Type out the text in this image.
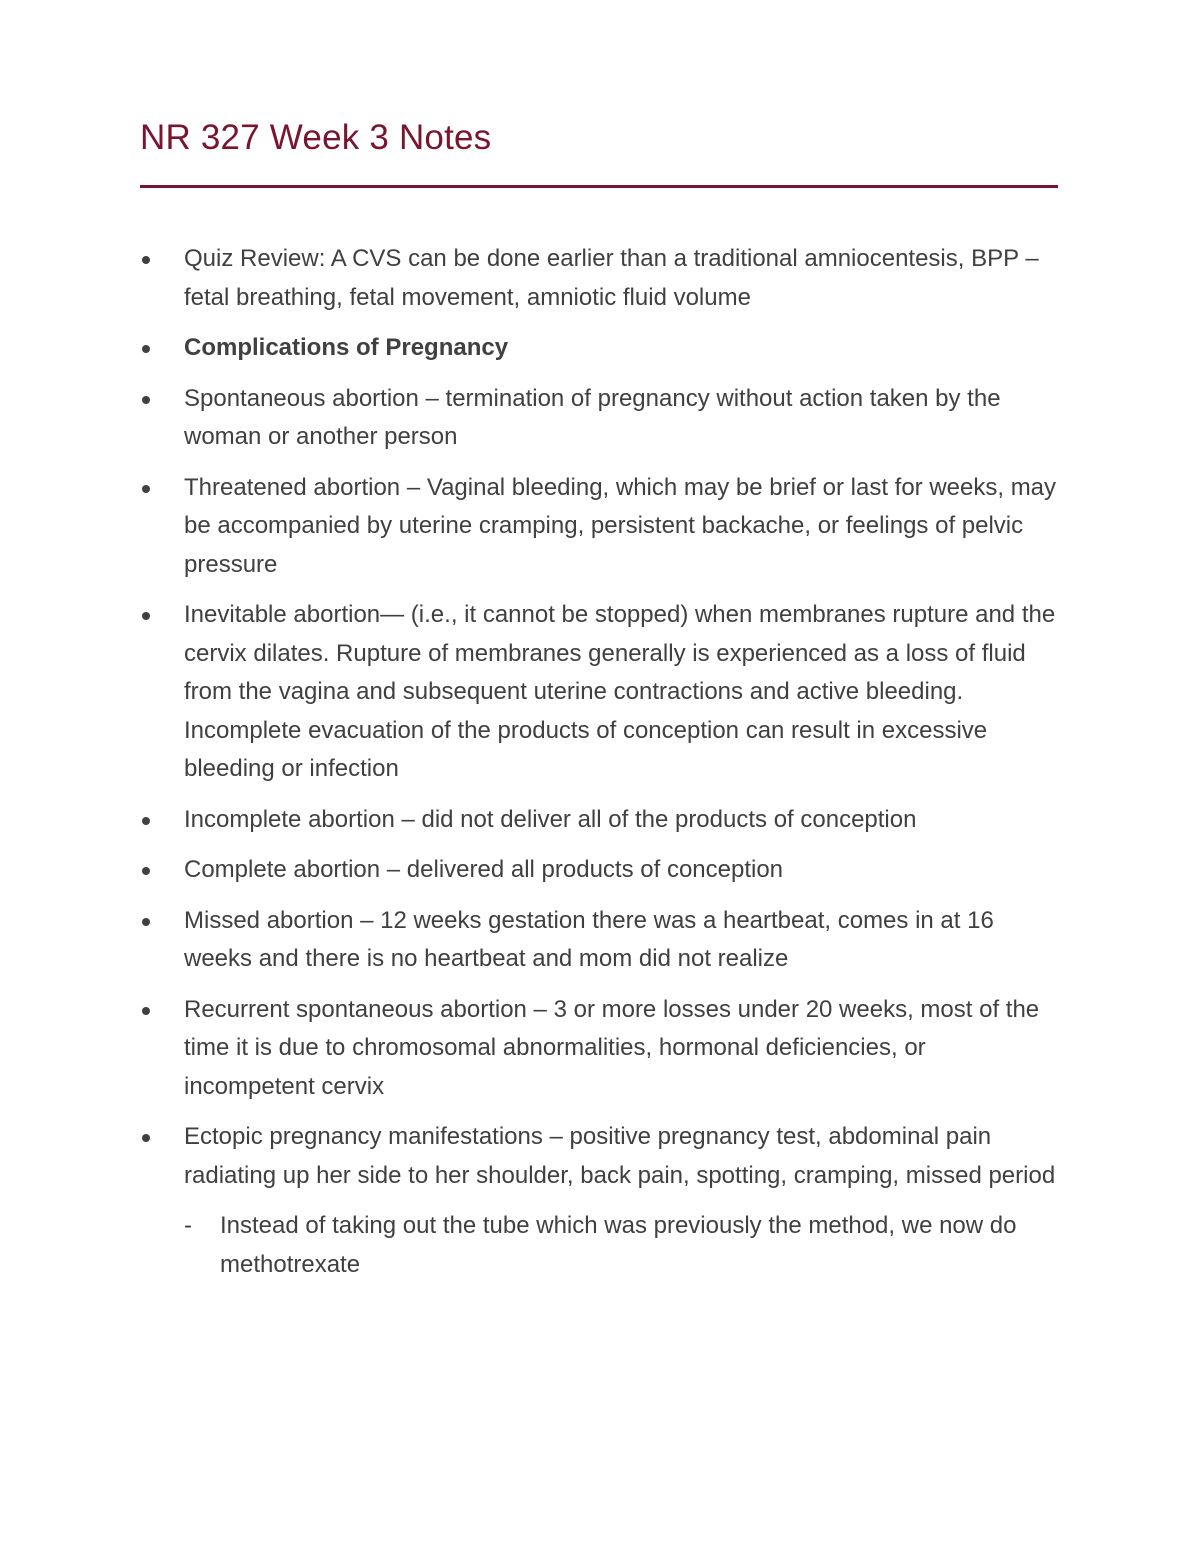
NR 327 Week 3 Notes
Quiz Review: A CVS can be done earlier than a traditional amniocentesis, BPP – fetal breathing, fetal movement, amniotic fluid volume
Complications of Pregnancy
Spontaneous abortion – termination of pregnancy without action taken by the woman or another person
Threatened abortion – Vaginal bleeding, which may be brief or last for weeks, may be accompanied by uterine cramping, persistent backache, or feelings of pelvic pressure
Inevitable abortion— (i.e., it cannot be stopped) when membranes rupture and the cervix dilates. Rupture of membranes generally is experienced as a loss of fluid from the vagina and subsequent uterine contractions and active bleeding. Incomplete evacuation of the products of conception can result in excessive bleeding or infection
Incomplete abortion – did not deliver all of the products of conception
Complete abortion – delivered all products of conception
Missed abortion – 12 weeks gestation there was a heartbeat, comes in at 16 weeks and there is no heartbeat and mom did not realize
Recurrent spontaneous abortion – 3 or more losses under 20 weeks, most of the time it is due to chromosomal abnormalities, hormonal deficiencies, or incompetent cervix
Ectopic pregnancy manifestations – positive pregnancy test, abdominal pain radiating up her side to her shoulder, back pain, spotting, cramping, missed period
- Instead of taking out the tube which was previously the method, we now do methotrexate
